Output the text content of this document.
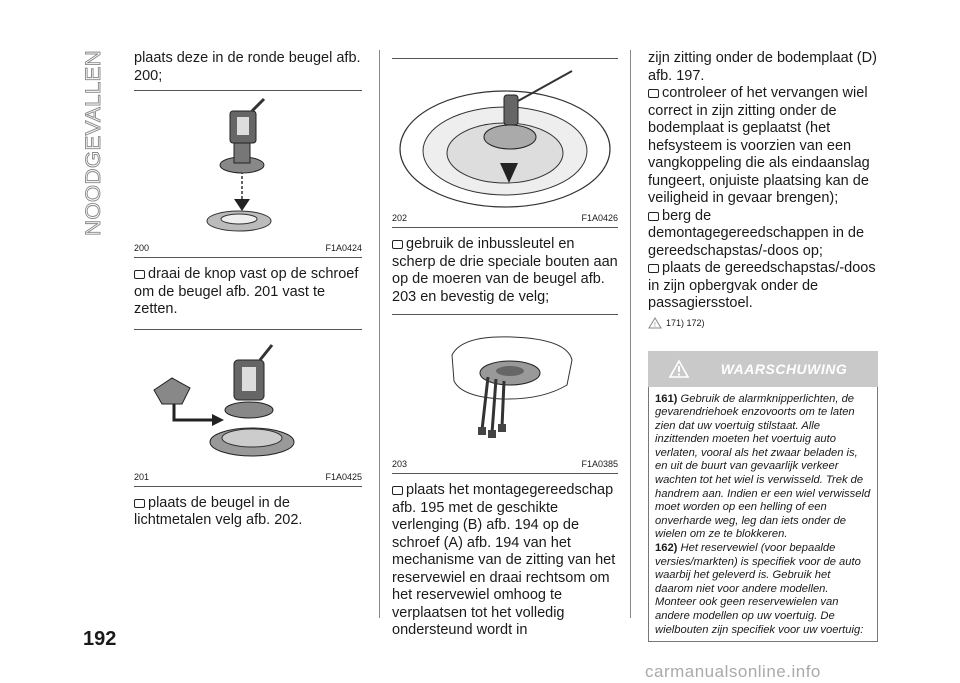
NOODGEVALLEN
192
plaats deze in de ronde beugel afb. 200;
200	F1A0424
draai de knop vast op de schroef om de beugel afb. 201 vast te zetten.
201	F1A0425
plaats de beugel in de lichtmetalen velg afb. 202.
202	F1A0426
gebruik de inbussleutel en scherp de drie speciale bouten aan op de moeren van de beugel afb. 203 en bevestig de velg;
203	F1A0385
plaats het montagegereedschap afb. 195 met de geschikte verlenging (B) afb. 194 op de schroef (A) afb. 194 van het mechanisme van de zitting van het reservewiel en draai rechtsom om het reservewiel omhoog te verplaatsen tot het volledig ondersteund wordt in
zijn zitting onder de bodemplaat (D) afb. 197.
controleer of het vervangen wiel correct in zijn zitting onder de bodemplaat is geplaatst (het hefsysteem is voorzien van een vangkoppeling die als eindaanslag fungeert, onjuiste plaatsing kan de veiligheid in gevaar brengen);
berg de demontagegereedschappen in de gereedschapstas/-doos op;
plaats de gereedschapstas/-doos in zijn opbergvak onder de passagiersstoel.
! 171) 172)
WAARSCHUWING
161) Gebruik de alarmknipperlichten, de gevarendriehoek enzovoorts om te laten zien dat uw voertuig stilstaat. Alle inzittenden moeten het voertuig auto verlaten, vooral als het zwaar beladen is, en uit de buurt van gevaarlijk verkeer wachten tot het wiel is verwisseld. Trek de handrem aan. Indien er een wiel verwisseld moet worden op een helling of een onverharde weg, leg dan iets onder de wielen om ze te blokkeren.
162) Het reservewiel (voor bepaalde versies/markten) is specifiek voor de auto waarbij het geleverd is. Gebruik het daarom niet voor andere modellen. Monteer ook geen reservewielen van andere modellen op uw voertuig. De wielbouten zijn specifiek voor uw voertuig:
carmanualsonline.info
